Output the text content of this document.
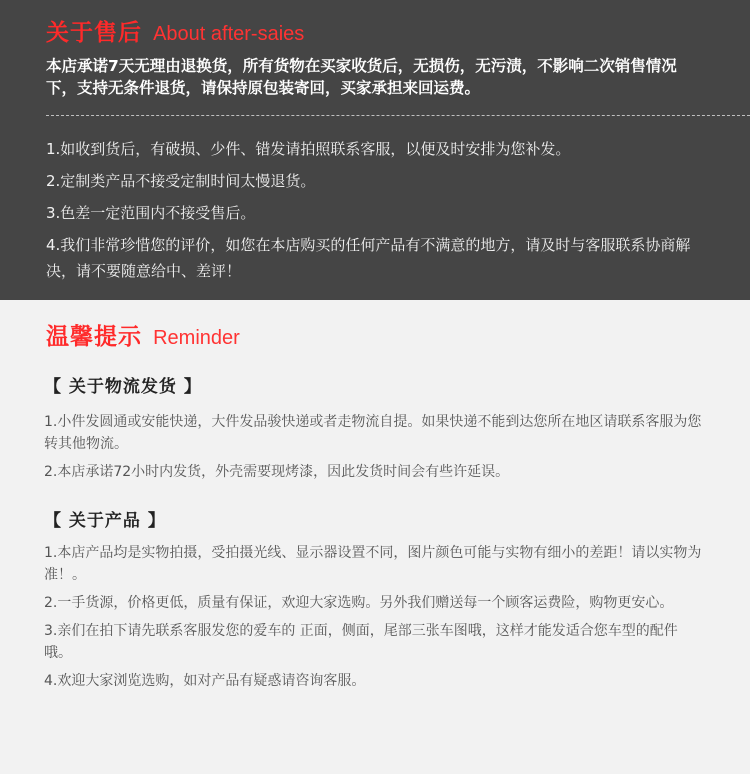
关于售后 About after-saies
本店承诺7天无理由退换货，所有货物在买家收货后，无损伤，无污渍，不影响二次销售情况下，支持无条件退货，请保持原包装寄回，买家承担来回运费。
1.如收到货后，有破损、少件、错发请拍照联系客服，以便及时安排为您补发。
2.定制类产品不接受定制时间太慢退货。
3.色差一定范围内不接受售后。
4.我们非常珍惜您的评价，如您在本店购买的任何产品有不满意的地方，请及时与客服联系协商解决，请不要随意给中、差评！
温馨提示 Reminder
【 关于物流发货 】
1.小件发圆通或安能快递，大件发品骏快递或者走物流自提。如果快递不能到达您所在地区请联系客服为您转其他物流。
2.本店承诺72小时内发货，外壳需要现烤漆，因此发货时间会有些许延误。
【 关于产品 】
1.本店产品均是实物拍摄，受拍摄光线、显示器设置不同，图片颜色可能与实物有细小的差距！请以实物为准！。
2.一手货源，价格更低，质量有保证，欢迎大家选购。另外我们赠送每一个顾客运费险，购物更安心。
3.亲们在拍下请先联系客服发您的爱车的 正面，侧面，尾部三张车图哦，这样才能发适合您车型的配件哦。
4.欢迎大家浏览选购，如对产品有疑惑请咨询客服。
